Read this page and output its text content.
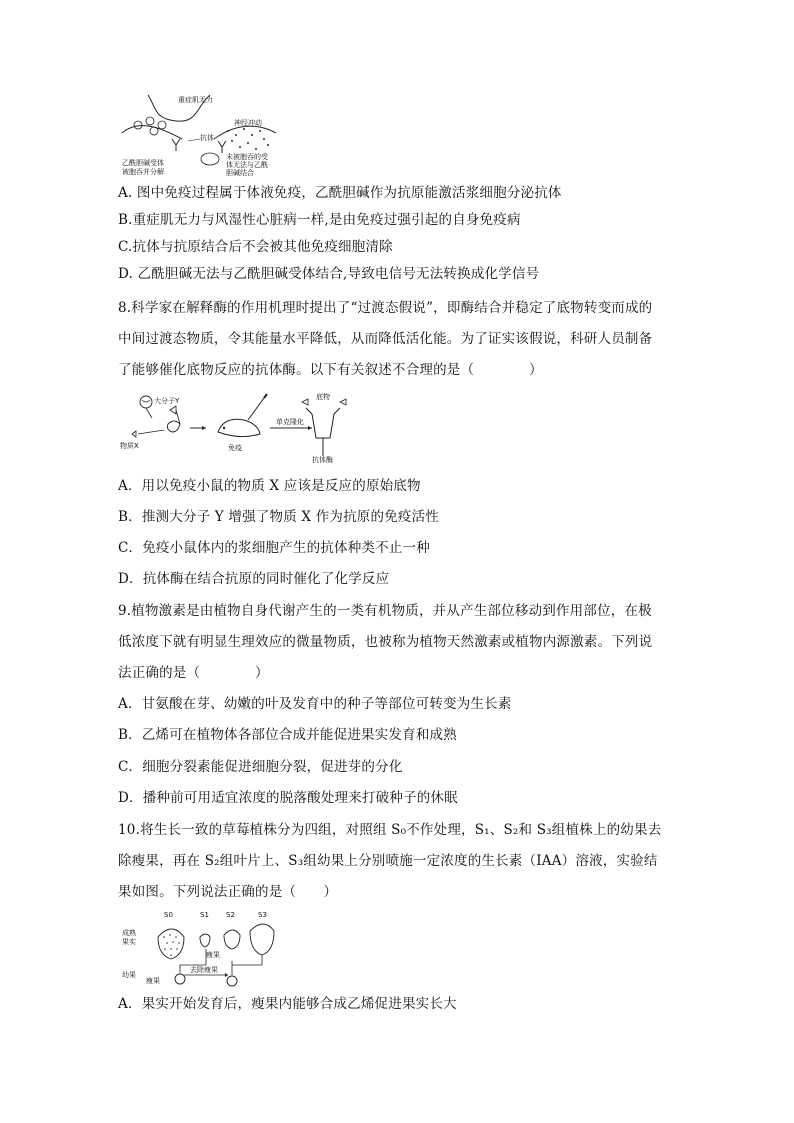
重症肌无力
神经冲动
抗体
乙酰胆碱受体
被胞吞并分解
未被胞吞的受
体无法与乙酰
胆碱结合
A. 图中免疫过程属于体液免疫，乙酰胆碱作为抗原能激活浆细胞分泌抗体
B.重症肌无力与风湿性心脏病一样,是由免疫过强引起的自身免疫病
C.抗体与抗原结合后不会被其他免疫细胞清除
D. 乙酰胆碱无法与乙酰胆碱受体结合,导致电信号无法转换成化学信号
8.科学家在解释酶的作用机理时提出了“过渡态假说”，即酶结合并稳定了底物转变而成的
中间过渡态物质，令其能量水平降低，从而降低活化能。为了证实该假说，科研人员制备
了能够催化底物反应的抗体酶。以下有关叙述不合理的是（　　　　）
大分子Y
物质X	免疫
单克隆化
底物
抗体酶
A．用以免疫小鼠的物质 X 应该是反应的原始底物
B．推测大分子 Y 增强了物质 X 作为抗原的免疫活性
C．免疫小鼠体内的浆细胞产生的抗体种类不止一种
D．抗体酶在结合抗原的同时催化了化学反应
9.植物激素是由植物自身代谢产生的一类有机物质，并从产生部位移动到作用部位，在极
低浓度下就有明显生理效应的微量物质，也被称为植物天然激素或植物内源激素。下列说
法正确的是（　　　　）
A．甘氨酸在芽、幼嫩的叶及发育中的种子等部位可转变为生长素
B．乙烯可在植物体各部位合成并能促进果实发育和成熟
C．细胞分裂素能促进细胞分裂，促进芽的分化
D．播种前可用适宜浓度的脱落酸处理来打破种子的休眠
10.将生长一致的草莓植株分为四组，对照组 S₀不作处理，S₁、S₂和 S₃组植株上的幼果去
除瘦果，再在 S₂组叶片上、S₃组幼果上分别喷施一定浓度的生长素（IAA）溶液，实验结
果如图。下列说法正确的是（　　）
S0	S1 S2	S3
成熟
果实
瘦果
幼果
瘦果
去除瘦果
A．果实开始发育后，瘦果内能够合成乙烯促进果实长大
